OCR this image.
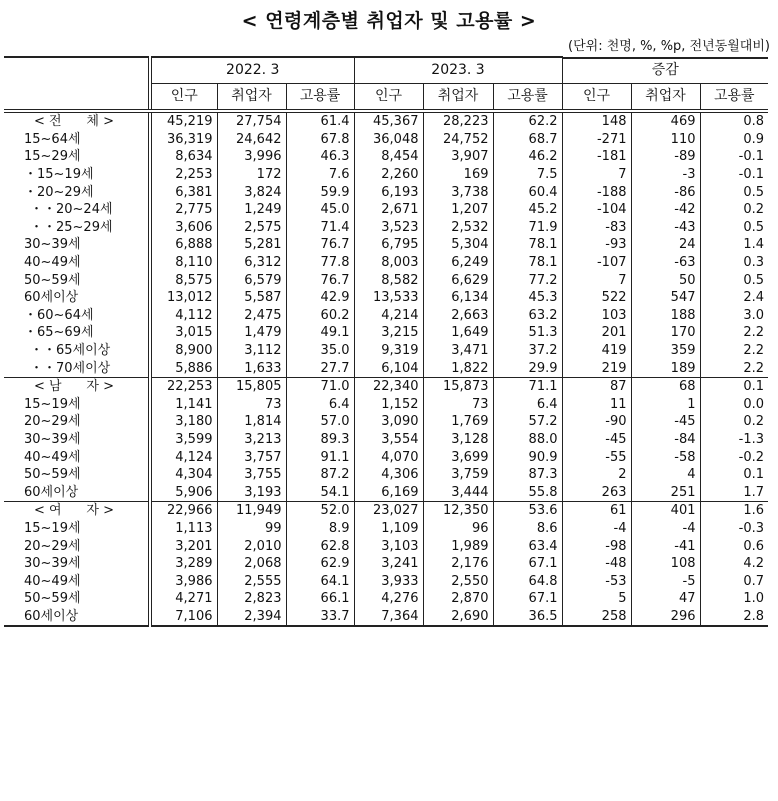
< 연령계층별 취업자 및 고용률 >
(단위: 천명, %, %p, 전년동월대비)
	2022. 3			2023. 3			증감		
	인구	취업자	고용률	인구	취업자	고용률	인구	취업자	고용률
< 전      체 >	45,219	27,754	61.4	45,367	28,223	62.2	148	469	0.8
15~64세	36,319	24,642	67.8	36,048	24,752	68.7	-271	110	0.9
15~29세	8,634	3,996	46.3	8,454	3,907	46.2	-181	-89	-0.1
・15~19세	2,253	172	7.6	2,260	169	7.5	7	-3	-0.1
・20~29세	6,381	3,824	59.9	6,193	3,738	60.4	-188	-86	0.5
・・20~24세	2,775	1,249	45.0	2,671	1,207	45.2	-104	-42	0.2
・・25~29세	3,606	2,575	71.4	3,523	2,532	71.9	-83	-43	0.5
30~39세	6,888	5,281	76.7	6,795	5,304	78.1	-93	24	1.4
40~49세	8,110	6,312	77.8	8,003	6,249	78.1	-107	-63	0.3
50~59세	8,575	6,579	76.7	8,582	6,629	77.2	7	50	0.5
60세이상	13,012	5,587	42.9	13,533	6,134	45.3	522	547	2.4
・60~64세	4,112	2,475	60.2	4,214	2,663	63.2	103	188	3.0
・65~69세	3,015	1,479	49.1	3,215	1,649	51.3	201	170	2.2
・・65세이상	8,900	3,112	35.0	9,319	3,471	37.2	419	359	2.2
・・70세이상	5,886	1,633	27.7	6,104	1,822	29.9	219	189	2.2
< 남      자 >	22,253	15,805	71.0	22,340	15,873	71.1	87	68	0.1
15~19세	1,141	73	6.4	1,152	73	6.4	11	1	0.0
20~29세	3,180	1,814	57.0	3,090	1,769	57.2	-90	-45	0.2
30~39세	3,599	3,213	89.3	3,554	3,128	88.0	-45	-84	-1.3
40~49세	4,124	3,757	91.1	4,070	3,699	90.9	-55	-58	-0.2
50~59세	4,304	3,755	87.2	4,306	3,759	87.3	2	4	0.1
60세이상	5,906	3,193	54.1	6,169	3,444	55.8	263	251	1.7
< 여      자 >	22,966	11,949	52.0	23,027	12,350	53.6	61	401	1.6
15~19세	1,113	99	8.9	1,109	96	8.6	-4	-4	-0.3
20~29세	3,201	2,010	62.8	3,103	1,989	63.4	-98	-41	0.6
30~39세	3,289	2,068	62.9	3,241	2,176	67.1	-48	108	4.2
40~49세	3,986	2,555	64.1	3,933	2,550	64.8	-53	-5	0.7
50~59세	4,271	2,823	66.1	4,276	2,870	67.1	5	47	1.0
60세이상	7,106	2,394	33.7	7,364	2,690	36.5	258	296	2.8
